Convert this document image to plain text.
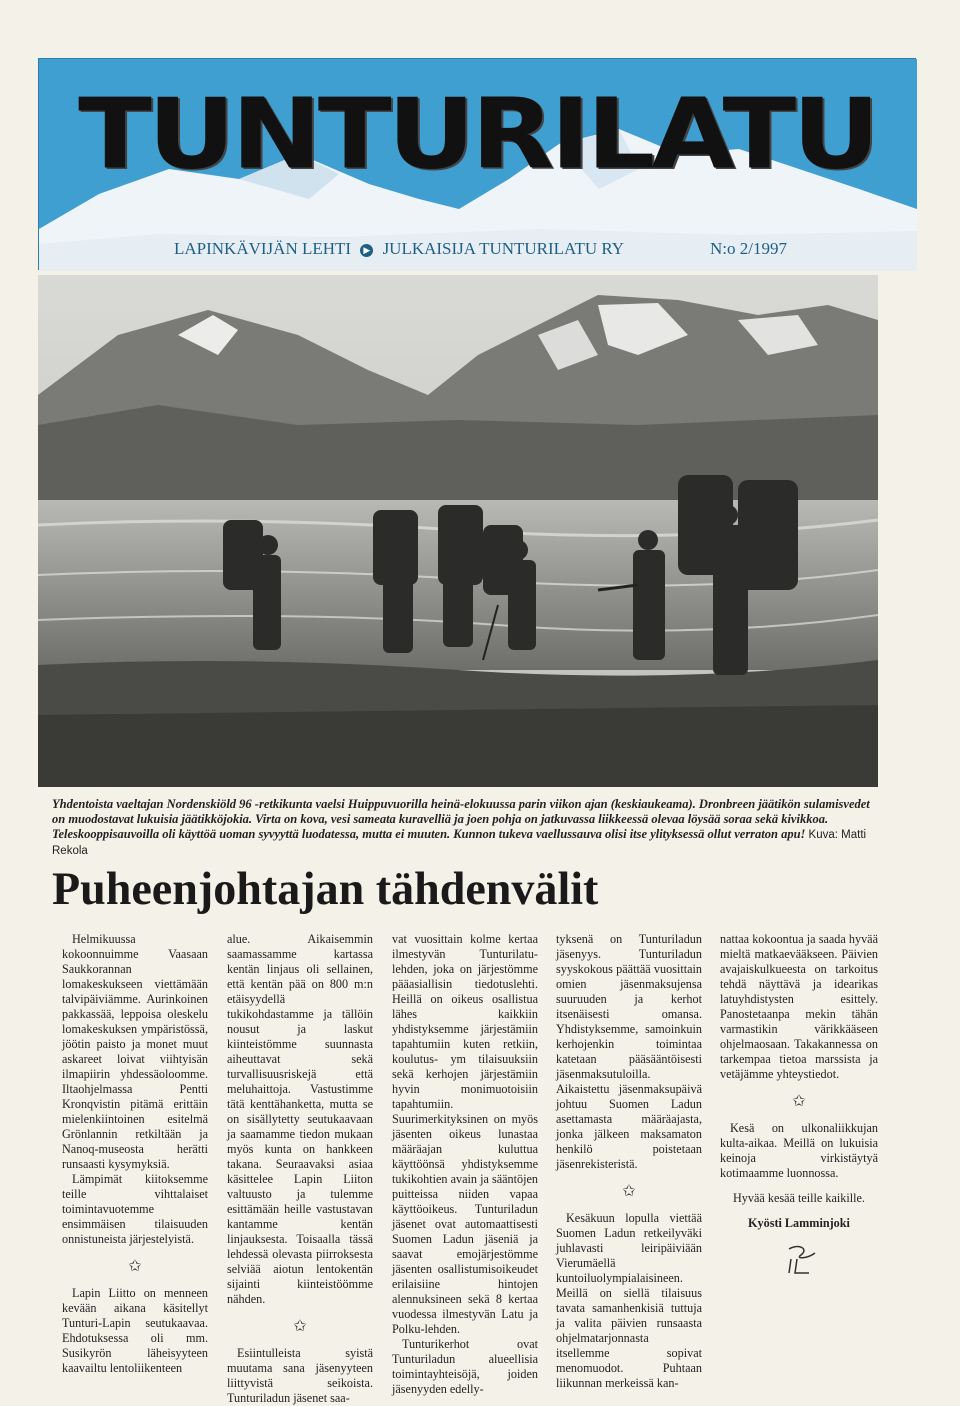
TUNTURILATU
LAPINKÄVIJÄN LEHTI ▶ JULKAISIJA TUNTURILATU RY	N:o 2/1997
Yhdentoista vaeltajan Nordenskiöld 96 -retkikunta vaelsi Huippuvuorilla heinä-elokuussa parin viikon ajan (keskiaukeama). Dronbreen jäätikön sulamisvedet on muodostavat lukuisia jäätikköjokia. Virta on kova, vesi sameata kuravelliä ja joen pohja on jatkuvassa liikkeessä olevaa löysää soraa sekä kivikkoa. Teleskooppisauvoilla oli käyttöä uoman syvyyttä luodatessa, mutta ei muuten. Kunnon tukeva vaellussauva olisi itse ylityksessä ollut verraton apu! Kuva: Matti Rekola
Puheenjohtajan tähdenvälit

Helmikuussa kokoonnuimme Vaasaan Saukkorannan lomakeskukseen viettämään talvipäiviämme. Aurinkoinen pakkassää, leppoisa oleskelu lomakeskuksen ympäristössä, jöötin paisto ja monet muut askareet loivat viihtyisän ilmapiirin yhdessäoloomme. Iltaohjelmassa Pentti Kronqvistin pitämä erittäin mielenkiintoinen esitelmä Grönlannin retkiltään ja Nanoq-museosta herätti runsaasti kysymyksiä.

Lämpimät kiitoksemme teille vihttalaiset toimintavuotemme ensimmäisen tilaisuuden onnistuneista järjestelyistä.

✩

Lapin Liitto on menneen kevään aikana käsitellyt Tunturi-Lapin seutukaavaa. Ehdotuksessa oli mm. Susikyrön läheisyyteen kaavailtu lentoliikenteen

alue. Aikaisemmin saamassamme kartassa kentän linjaus oli sellainen, että kentän pää on 800 m:n etäisyydellä tukikohdastamme ja tällöin nousut ja laskut kiinteistömme suunnasta aiheuttavat sekä turvallisuusriskejä että meluhaittoja. Vastustimme tätä kenttähanketta, mutta se on sisällytetty seutukaavaan ja saamamme tiedon mukaan myös kunta on hankkeen takana. Seuraavaksi asiaa käsittelee Lapin Liiton valtuusto ja tulemme esittämään heille vastustavan kantamme kentän linjauksesta. Toisaalla tässä lehdessä olevasta piirroksesta selviää aiotun lentokentän sijainti kiinteistöömme nähden.

✩

Esiintulleista syistä muutama sana jäsenyyteen liittyvistä seikoista. Tunturiladun jäsenet saa-

vat vuosittain kolme kertaa ilmestyvän Tunturilatu-lehden, joka on järjestömme pääasiallisin tiedotuslehti. Heillä on oikeus osallistua lähes kaikkiin yhdistyksemme järjestämiin tapahtumiin kuten retkiin, koulutus- ym tilaisuuksiin sekä kerhojen järjestämiin hyvin monimuotoisiin tapahtumiin. Suurimerkityksinen on myös jäsenten oikeus lunastaa määräajan kuluttua käyttöönsä yhdistyksemme tukikohtien avain ja sääntöjen puitteissa niiden vapaa käyttöoikeus. Tunturiladun jäsenet ovat automaattisesti Suomen Ladun jäseniä ja saavat emojärjestömme jäsenten osallistumisoikeudet erilaisiine hintojen alennuksineen sekä 8 kertaa vuodessa ilmestyvän Latu ja Polku-lehden.

Tunturikerhot ovat Tunturiladun alueellisia toimintayhteisöjä, joiden jäsenyyden edelly-

tyksenä on Tunturiladun jäsenyys. Tunturiladun syyskokous päättää vuosittain omien jäsenmaksujensa suuruuden ja kerhot itsenäisesti omansa. Yhdistyksemme, samoinkuin kerhojenkin toimintaa katetaan pääsääntöisesti jäsenmaksutuloilla. Aikaistettu jäsenmaksupäivä johtuu Suomen Ladun asettamasta määräajasta, jonka jälkeen maksamaton henkilö poistetaan jäsenrekisteristä.

✩

Kesäkuun lopulla viettää Suomen Ladun retkeilyväki juhlavasti leiripäiviään Vierumäellä kuntoiluolympialaisineen. Meillä on siellä tilaisuus tavata samanhenkisiä tuttuja ja valita päivien runsaasta ohjelmatarjonnasta itsellemme sopivat menomuodot. Puhtaan liikunnan merkeissä kan-

nattaa kokoontua ja saada hyvää mieltä matkaevääkseen. Päivien avajaiskulkueesta on tarkoitus tehdä näyttävä ja idearikas latuyhdistysten esittely. Panostetaanpa mekin tähän varmastikin värikkääseen ohjelmaosaan. Takakannessa on tarkempaa tietoa marssista ja vetäjämme yhteystiedot.

✩

Kesä on ulkonaliikkujan kulta-aikaa. Meillä on lukuisia keinoja virkistäytyä kotimaamme luonnossa.

Hyvää kesää teille kaikille.

Kyösti Lamminjoki
